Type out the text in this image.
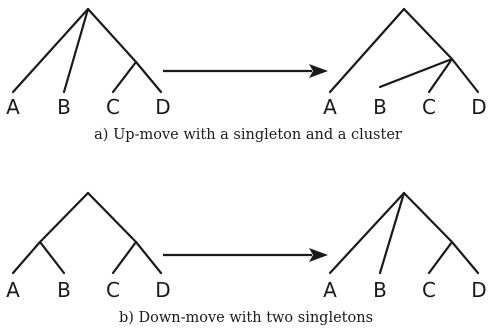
A B C D	A B C D
a) Up-move with a singleton and a cluster
A B C D	A B C D
b) Down-move with two singletons
